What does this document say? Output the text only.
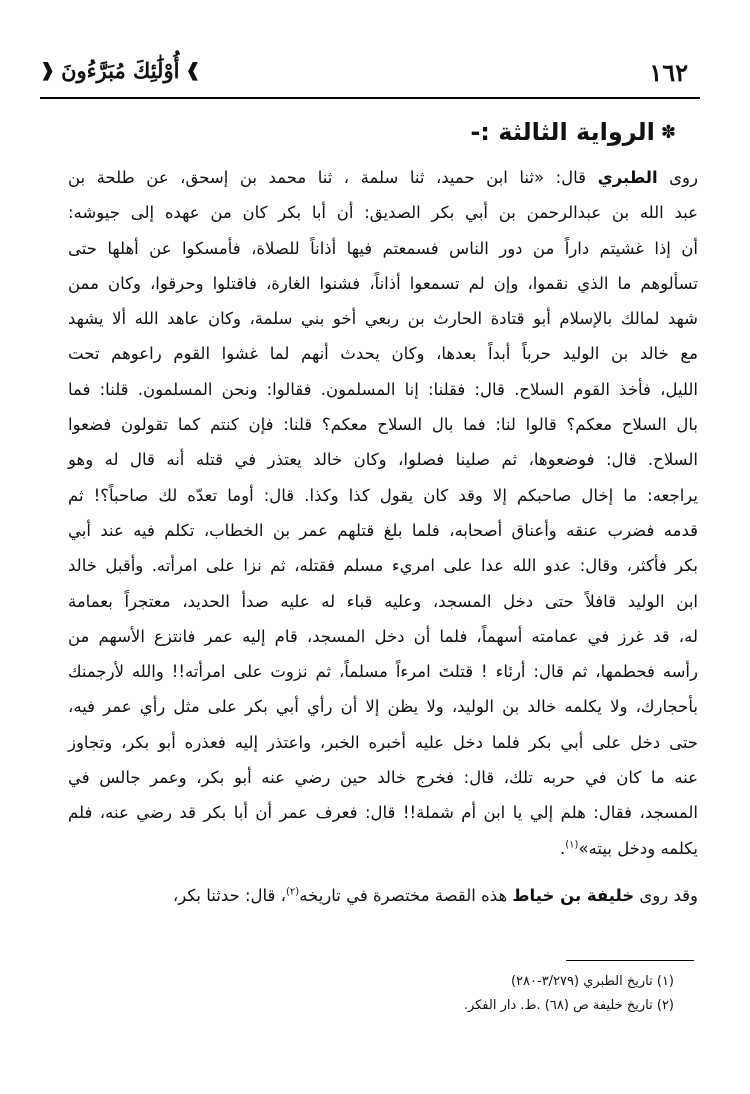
١٦٢
❱
أُوْلَٰئِكَ مُبَرَّءُونَ
❰
✽
الرواية الثالثة :-
روى الطبري قال: «ثنا ابن حميد، ثنا سلمة ، ثنا محمد بن إسحق، عن طلحة بن
عبد الله بن عبدالرحمن بن أبي بكر الصديق: أن أبا بكر كان من عهده إلى جيوشه:
أن إذا غشيتم داراً من دور الناس فسمعتم فيها أذاناً للصلاة، فأمسكوا عن أهلها حتى
تسألوهم ما الذي نقموا، وإن لم تسمعوا أذاناً، فشنوا الغارة، فاقتلوا وحرقوا، وكان ممن
شهد لمالك بالإسلام أبو قتادة الحارث بن ربعي أخو بني سلمة، وكان عاهد الله ألا يشهد
مع خالد بن الوليد حرباً أبداً بعدها، وكان يحدث أنهم لما غشوا القوم راعوهم تحت
الليل، فأخذ القوم السلاح. قال: فقلنا: إنا المسلمون. فقالوا: ونحن المسلمون. قلنا: فما
بال السلاح معكم؟ قالوا لنا: فما بال السلاح معكم؟ قلنا: فإن كنتم كما تقولون فضعوا
السلاح. قال: فوضعوها، ثم صلينا فصلوا، وكان خالد يعتذر في قتله أنه قال له وهو
يراجعه: ما إخال صاحبكم إلا وقد كان يقول كذا وكذا. قال: أوما تعدّه لك صاحباً؟! ثم
قدمه فضرب عنقه وأعناق أصحابه، فلما بلغ قتلهم عمر بن الخطاب، تكلم فيه عند أبي
بكر فأكثر، وقال: عدو الله عدا على امريء مسلم فقتله، ثم نزا على امرأته. وأقبل خالد
ابن الوليد قافلاً حتى دخل المسجد، وعليه قباء له عليه صدأ الحديد، معتجراً بعمامة
له، قد غرز في عمامته أسهماً، فلما أن دخل المسجد، قام إليه عمر فانتزع الأسهم من
رأسه فحطمها، ثم قال: أرئاء ! قتلتَ امرءاً مسلماً، ثم نزوت على امرأته!! والله لأرجمنك
بأحجارك، ولا يكلمه خالد بن الوليد، ولا يظن إلا أن رأي أبي بكر على مثل رأي عمر فيه،
حتى دخل على أبي بكر فلما دخل عليه أخبره الخبر، واعتذر إليه فعذره أبو بكر، وتجاوز
عنه ما كان في حربه تلك، قال: فخرج خالد حين رضي عنه أبو بكر، وعمر جالس في
المسجد، فقال: هلم إلي يا ابن أم شملة!! قال: فعرف عمر أن أبا بكر قد رضي عنه، فلم
يكلمه ودخل بيته»$^{(١)}$.
وقد روى خليفة بن خياط هذه القصة مختصرة في تاريخه$^{(٢)}$، قال: حدثنا بكر،
(١) تاريخ الطبري (٣/٢٧٩-٢٨٠)
(٢) تاريخ خليفة ص (٦٨) .ط. دار الفكر.
